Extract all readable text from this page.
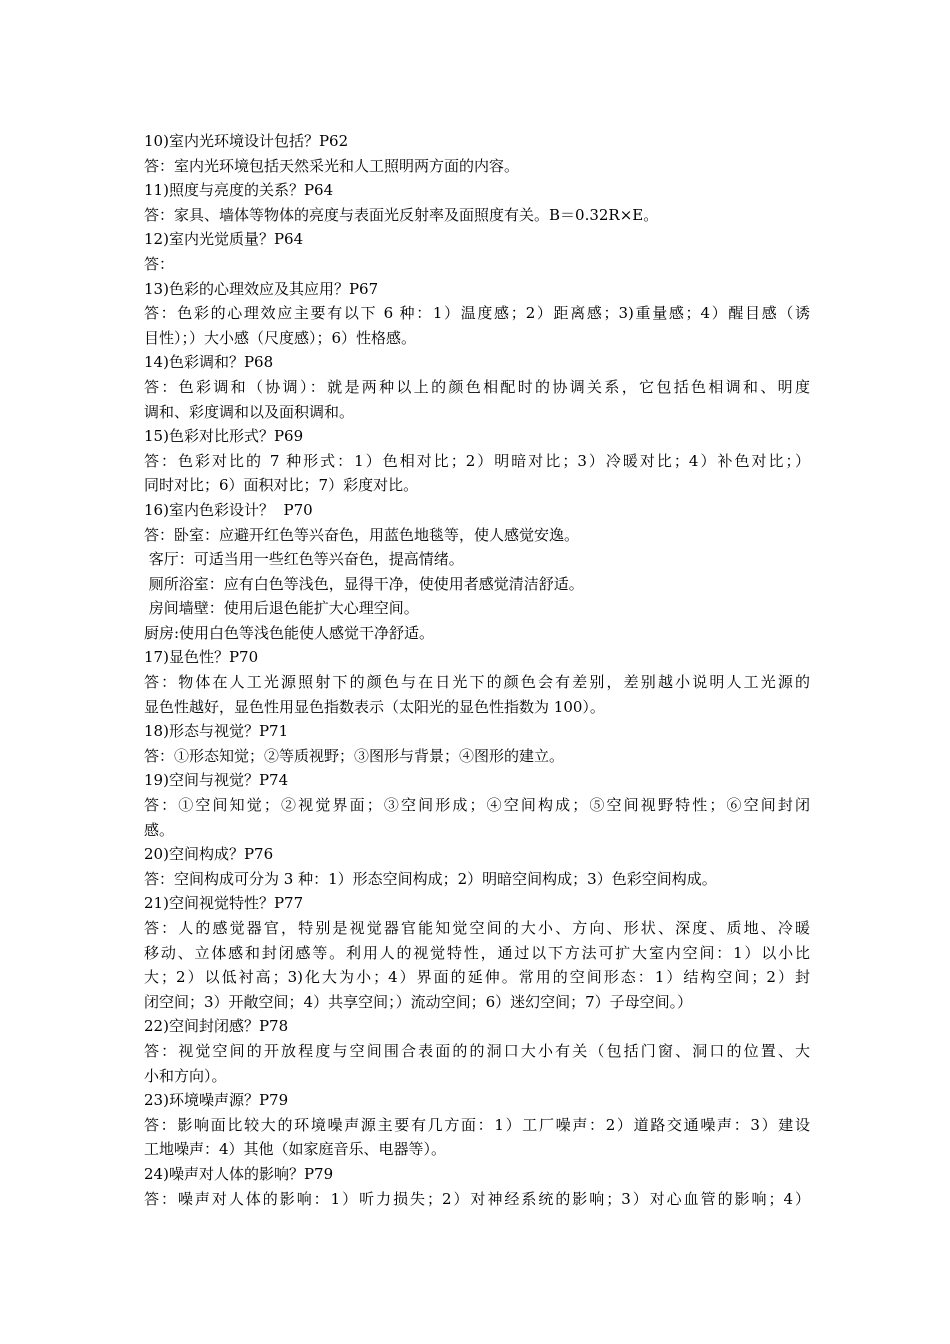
10)室内光环境设计包括？P62
答：室内光环境包括天然采光和人工照明两方面的内容。
11)照度与亮度的关系？P64
答：家具、墙体等物体的亮度与表面光反射率及面照度有关。B＝0.32R×E。
12)室内光觉质量？P64
答：
13)色彩的心理效应及其应用？P67
答：色彩的心理效应主要有以下 6 种：1）温度感；2）距离感；3)重量感；4）醒目感（诱
目性）；）大小感（尺度感）；6）性格感。
14)色彩调和？P68
答：色彩调和（协调）：就是两种以上的颜色相配时的协调关系，它包括色相调和、明度
调和、彩度调和以及面积调和。
15)色彩对比形式？P69
答：色彩对比的 7 种形式：1）色相对比；2）明暗对比；3）冷暖对比；4）补色对比；）
同时对比；6）面积对比；7）彩度对比。
16)室内色彩设计？  P70
答：卧室：应避开红色等兴奋色，用蓝色地毯等，使人感觉安逸。
客厅：可适当用一些红色等兴奋色，提高情绪。
厕所浴室：应有白色等浅色，显得干净，使使用者感觉清洁舒适。
房间墙壁：使用后退色能扩大心理空间。
厨房:使用白色等浅色能使人感觉干净舒适。
17)显色性？P70
答：物体在人工光源照射下的颜色与在日光下的颜色会有差别，差别越小说明人工光源的
显色性越好，显色性用显色指数表示（太阳光的显色性指数为 100）。
18)形态与视觉？P71
答：①形态知觉；②等质视野；③图形与背景；④图形的建立。
19)空间与视觉？P74
答：①空间知觉；②视觉界面；③空间形成；④空间构成；⑤空间视野特性；⑥空间封闭
感。
20)空间构成？P76
答：空间构成可分为 3 种：1）形态空间构成；2）明暗空间构成；3）色彩空间构成。
21)空间视觉特性？P77
答：人的感觉器官，特别是视觉器官能知觉空间的大小、方向、形状、深度、质地、冷暖
移动、立体感和封闭感等。利用人的视觉特性，通过以下方法可扩大室内空间：1）以小比
大；2）以低衬高；3)化大为小；4）界面的延伸。常用的空间形态：1）结构空间；2）封
闭空间；3）开敞空间；4）共享空间；）流动空间；6）迷幻空间；7）子母空间。）
22)空间封闭感？P78
答：视觉空间的开放程度与空间围合表面的的洞口大小有关（包括门窗、洞口的位置、大
小和方向）。
23)环境噪声源？P79
答：影响面比较大的环境噪声源主要有几方面：1）工厂噪声：2）道路交通噪声：3）建设
工地噪声：4）其他（如家庭音乐、电器等）。
24)噪声对人体的影响？P79
答：噪声对人体的影响：1）听力损失；2）对神经系统的影响；3）对心血管的影响；4）
